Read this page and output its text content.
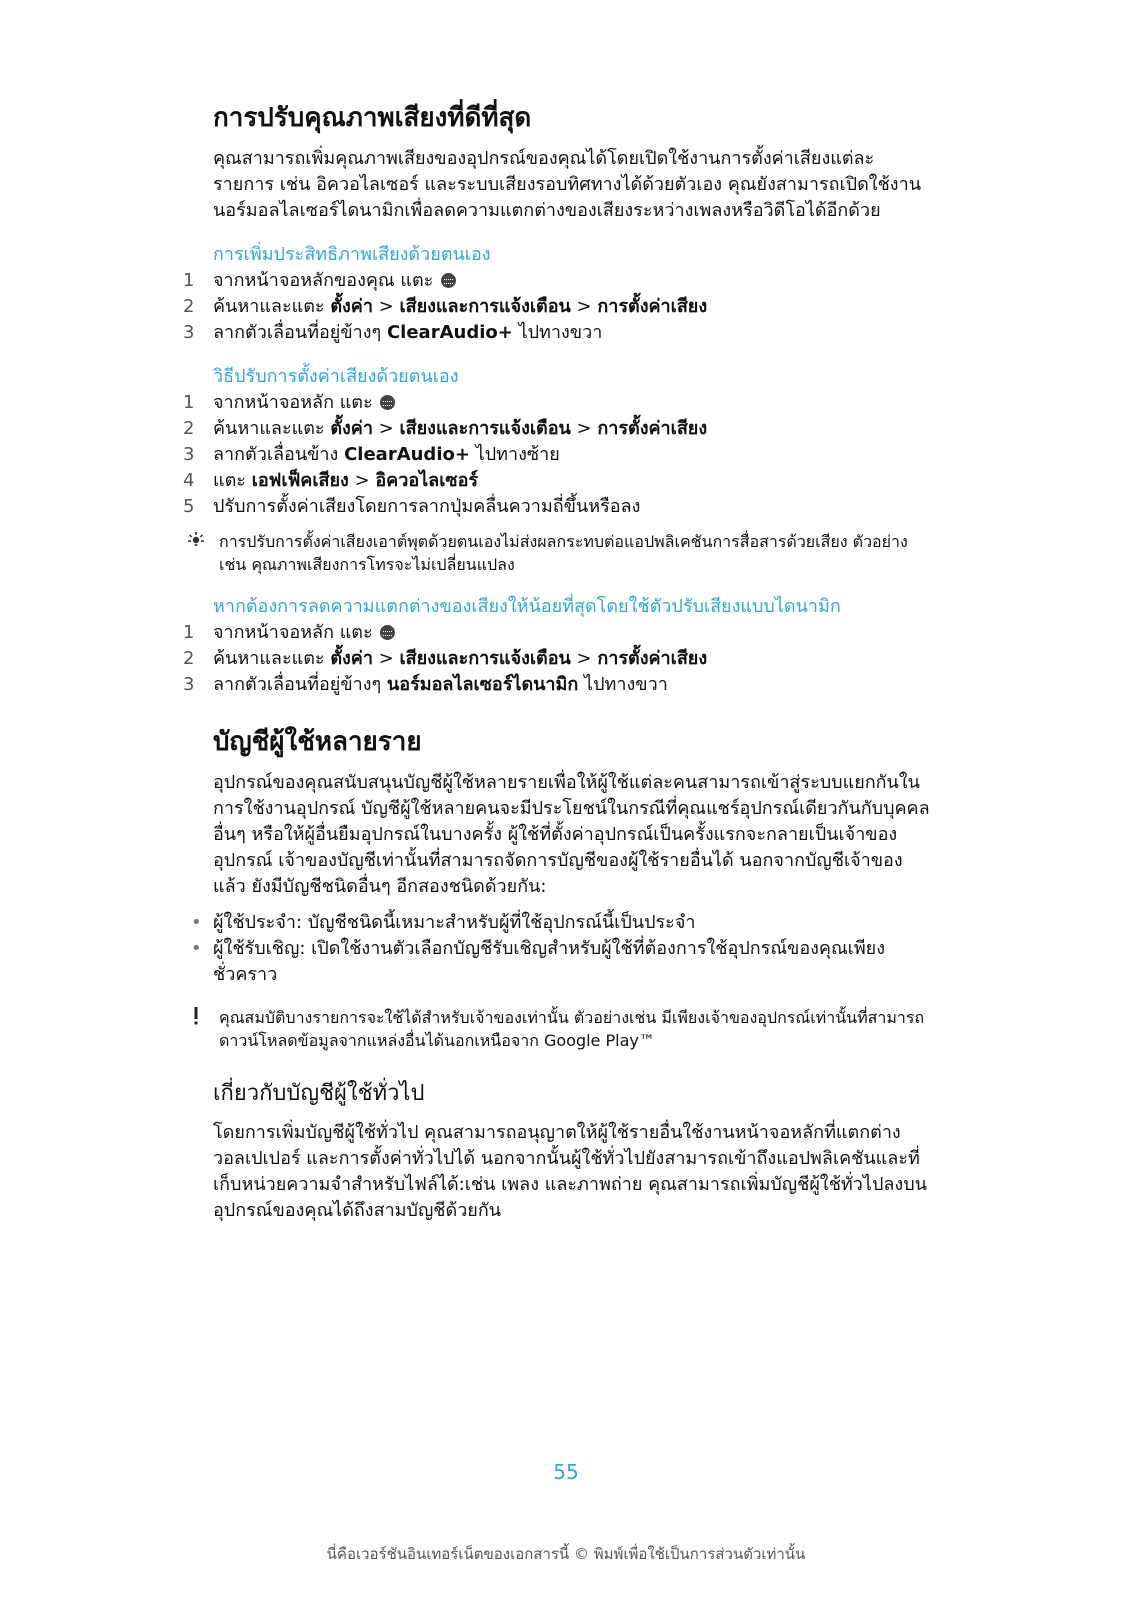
การปรับคุณภาพเสียงที่ดีที่สุด

คุณสามารถเพิ่มคุณภาพเสียงของอุปกรณ์ของคุณได้โดยเปิดใช้งานการตั้งค่าเสียงแต่ละรายการ เช่น อิควอไลเซอร์ และระบบเสียงรอบทิศทางได้ด้วยตัวเอง คุณยังสามารถเปิดใช้งานนอร์มอลไลเซอร์ไดนามิกเพื่อลดความแตกต่างของเสียงระหว่างเพลงหรือวิดีโอได้อีกด้วย

การเพิ่มประสิทธิภาพเสียงด้วยตนเอง

1	จากหน้าจอหลักของคุณ แตะ
2	ค้นหาและแตะ ตั้งค่า > เสียงและการแจ้งเตือน > การตั้งค่าเสียง
3	ลากตัวเลื่อนที่อยู่ข้างๆ ClearAudio+ ไปทางขวา

วิธีปรับการตั้งค่าเสียงด้วยตนเอง

1	จากหน้าจอหลัก แตะ
2	ค้นหาและแตะ ตั้งค่า > เสียงและการแจ้งเตือน > การตั้งค่าเสียง
3	ลากตัวเลื่อนข้าง ClearAudio+ ไปทางซ้าย
4	แตะ เอฟเฟ็คเสียง > อิควอไลเซอร์
5	ปรับการตั้งค่าเสียงโดยการลากปุ่มคลื่นความถี่ขึ้นหรือลง
การปรับการตั้งค่าเสียงเอาต์พุตด้วยตนเองไม่ส่งผลกระทบต่อแอปพลิเคชันการสื่อสารด้วยเสียง ตัวอย่างเช่น คุณภาพเสียงการโทรจะไม่เปลี่ยนแปลง

หากต้องการลดความแตกต่างของเสียงให้น้อยที่สุดโดยใช้ตัวปรับเสียงแบบไดนามิก

1	จากหน้าจอหลัก แตะ
2	ค้นหาและแตะ ตั้งค่า > เสียงและการแจ้งเตือน > การตั้งค่าเสียง
3	ลากตัวเลื่อนที่อยู่ข้างๆ นอร์มอลไลเซอร์ไดนามิก ไปทางขวา
บัญชีผู้ใช้หลายราย

อุปกรณ์ของคุณสนับสนุนบัญชีผู้ใช้หลายรายเพื่อให้ผู้ใช้แต่ละคนสามารถเข้าสู่ระบบแยกกันในการใช้งานอุปกรณ์ บัญชีผู้ใช้หลายคนจะมีประโยชน์ในกรณีที่คุณแชร์อุปกรณ์เดียวกันกับบุคคลอื่นๆ หรือให้ผู้อื่นยืมอุปกรณ์ในบางครั้ง ผู้ใช้ที่ตั้งค่าอุปกรณ์เป็นครั้งแรกจะกลายเป็นเจ้าของอุปกรณ์ เจ้าของบัญชีเท่านั้นที่สามารถจัดการบัญชีของผู้ใช้รายอื่นได้ นอกจากบัญชีเจ้าของแล้ว ยังมีบัญชีชนิดอื่นๆ อีกสองชนิดด้วยกัน:

• ผู้ใช้ประจำ: บัญชีชนิดนี้เหมาะสำหรับผู้ที่ใช้อุปกรณ์นี้เป็นประจำ
• ผู้ใช้รับเชิญ: เปิดใช้งานตัวเลือกบัญชีรับเชิญสำหรับผู้ใช้ที่ต้องการใช้อุปกรณ์ของคุณเพียงชั่วคราว
คุณสมบัติบางรายการจะใช้ได้สำหรับเจ้าของเท่านั้น ตัวอย่างเช่น มีเพียงเจ้าของอุปกรณ์เท่านั้นที่สามารถดาวน์โหลดข้อมูลจากแหล่งอื่นได้นอกเหนือจาก Google Play™
เกี่ยวกับบัญชีผู้ใช้ทั่วไป

โดยการเพิ่มบัญชีผู้ใช้ทั่วไป คุณสามารถอนุญาตให้ผู้ใช้รายอื่นใช้งานหน้าจอหลักที่แตกต่าง วอลเปเปอร์ และการตั้งค่าทั่วไปได้ นอกจากนั้นผู้ใช้ทั่วไปยังสามารถเข้าถึงแอปพลิเคชันและที่เก็บหน่วยความจำสำหรับไฟล์ได้:เช่น เพลง และภาพถ่าย คุณสามารถเพิ่มบัญชีผู้ใช้ทั่วไปลงบนอุปกรณ์ของคุณได้ถึงสามบัญชีด้วยกัน

55
นี่คือเวอร์ชันอินเทอร์เน็ตของเอกสารนี้ © พิมพ์เพื่อใช้เป็นการส่วนตัวเท่านั้น
